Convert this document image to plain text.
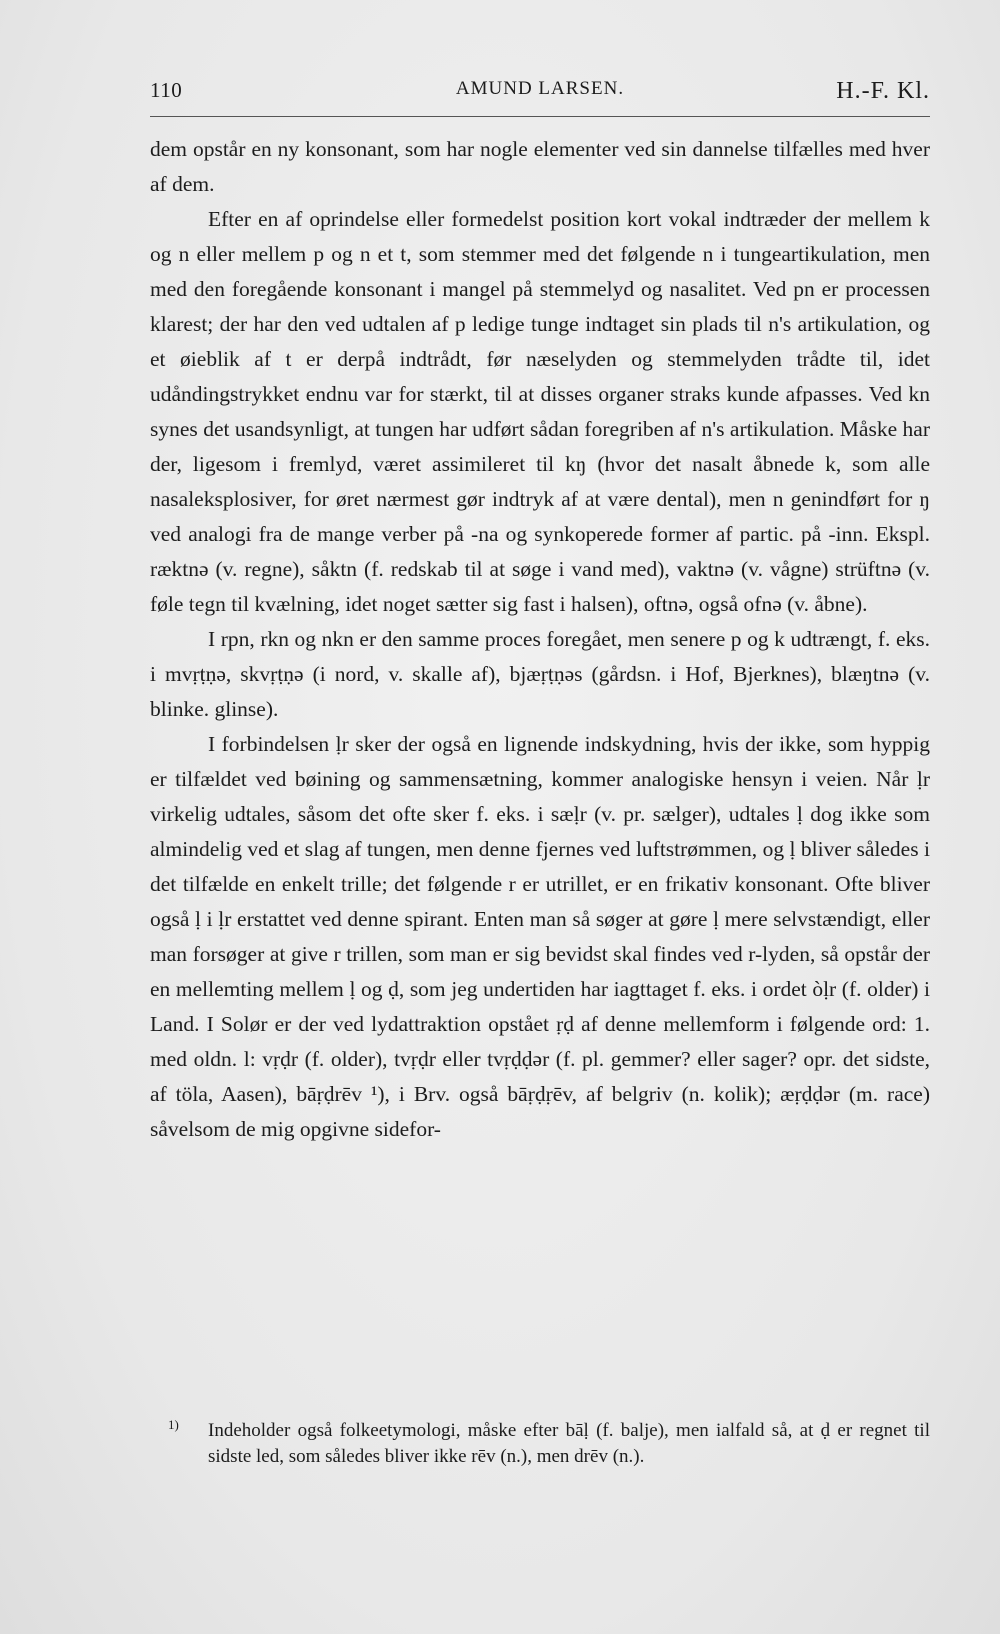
110	AMUND LARSEN.	H.-F. Kl.

dem opstår en ny konsonant, som har nogle elementer ved sin dannelse tilfælles med hver af dem.

Efter en af oprindelse eller formedelst position kort vokal indtræder der mellem k og n eller mellem p og n et t, som stemmer med det følgende n i tungeartikulation, men med den foregående konsonant i mangel på stemmelyd og nasalitet. Ved pn er processen klarest; der har den ved udtalen af p ledige tunge indtaget sin plads til n's artikulation, og et øieblik af t er derpå indtrådt, før næselyden og stemmelyden trådte til, idet udåndingstrykket endnu var for stærkt, til at disses organer straks kunde afpasses. Ved kn synes det usandsynligt, at tungen har udført sådan foregriben af n's artikulation. Måske har der, ligesom i fremlyd, været assimileret til kŋ (hvor det nasalt åbnede k, som alle nasaleksplosiver, for øret nærmest gør indtryk af at være dental), men n genindført for ŋ ved analogi fra de mange verber på -na og synkoperede former af partic. på -inn. Ekspl. ræktnə (v. regne), såktn (f. redskab til at søge i vand med), vaktnə (v. vågne) strüftnə (v. føle tegn til kvælning, idet noget sætter sig fast i halsen), oftnə, også ofnə (v. åbne).

I rpn, rkn og nkn er den samme proces foregået, men senere p og k udtrængt, f. eks. i mvṛṭṇə, skvṛṭṇə (i nord, v. skalle af), bjæṛṭṇəs (gårdsn. i Hof, Bjerknes), blæŋtnə (v. blinke. glinse).

I forbindelsen ḷr sker der også en lignende indskydning, hvis der ikke, som hyppig er tilfældet ved bøining og sammensætning, kommer analogiske hensyn i veien. Når ḷr virkelig udtales, såsom det ofte sker f. eks. i sæḷr (v. pr. sælger), udtales ḷ dog ikke som almindelig ved et slag af tungen, men denne fjernes ved luftstrømmen, og ḷ bliver således i det tilfælde en enkelt trille; det følgende r er utrillet, er en frikativ konsonant. Ofte bliver også ḷ i ḷr erstattet ved denne spirant. Enten man så søger at gøre ḷ mere selvstændigt, eller man forsøger at give r trillen, som man er sig bevidst skal findes ved r-lyden, så opstår der en mellemting mellem ḷ og ḍ, som jeg undertiden har iagttaget f. eks. i ordet òḷr (f. older) i Land. I Solør er der ved lydattraktion opstået ṛḍ af denne mellemform i følgende ord: 1. med oldn. l: vṛḍr (f. older), tvṛḍr eller tvṛḍḍər (f. pl. gemmer? eller sager? opr. det sidste, af töla, Aasen), bāṛḍrēv ¹), i Brv. også bāṛḍṛēv, af belgriv (n. kolik); æṛḍḍər (m. race) såvelsom de mig opgivne sidefor-

1)	Indeholder også folkeetymologi, måske efter bāḷ (f. balje), men ialfald så, at ḍ er regnet til sidste led, som således bliver ikke rēv (n.), men drēv (n.).
